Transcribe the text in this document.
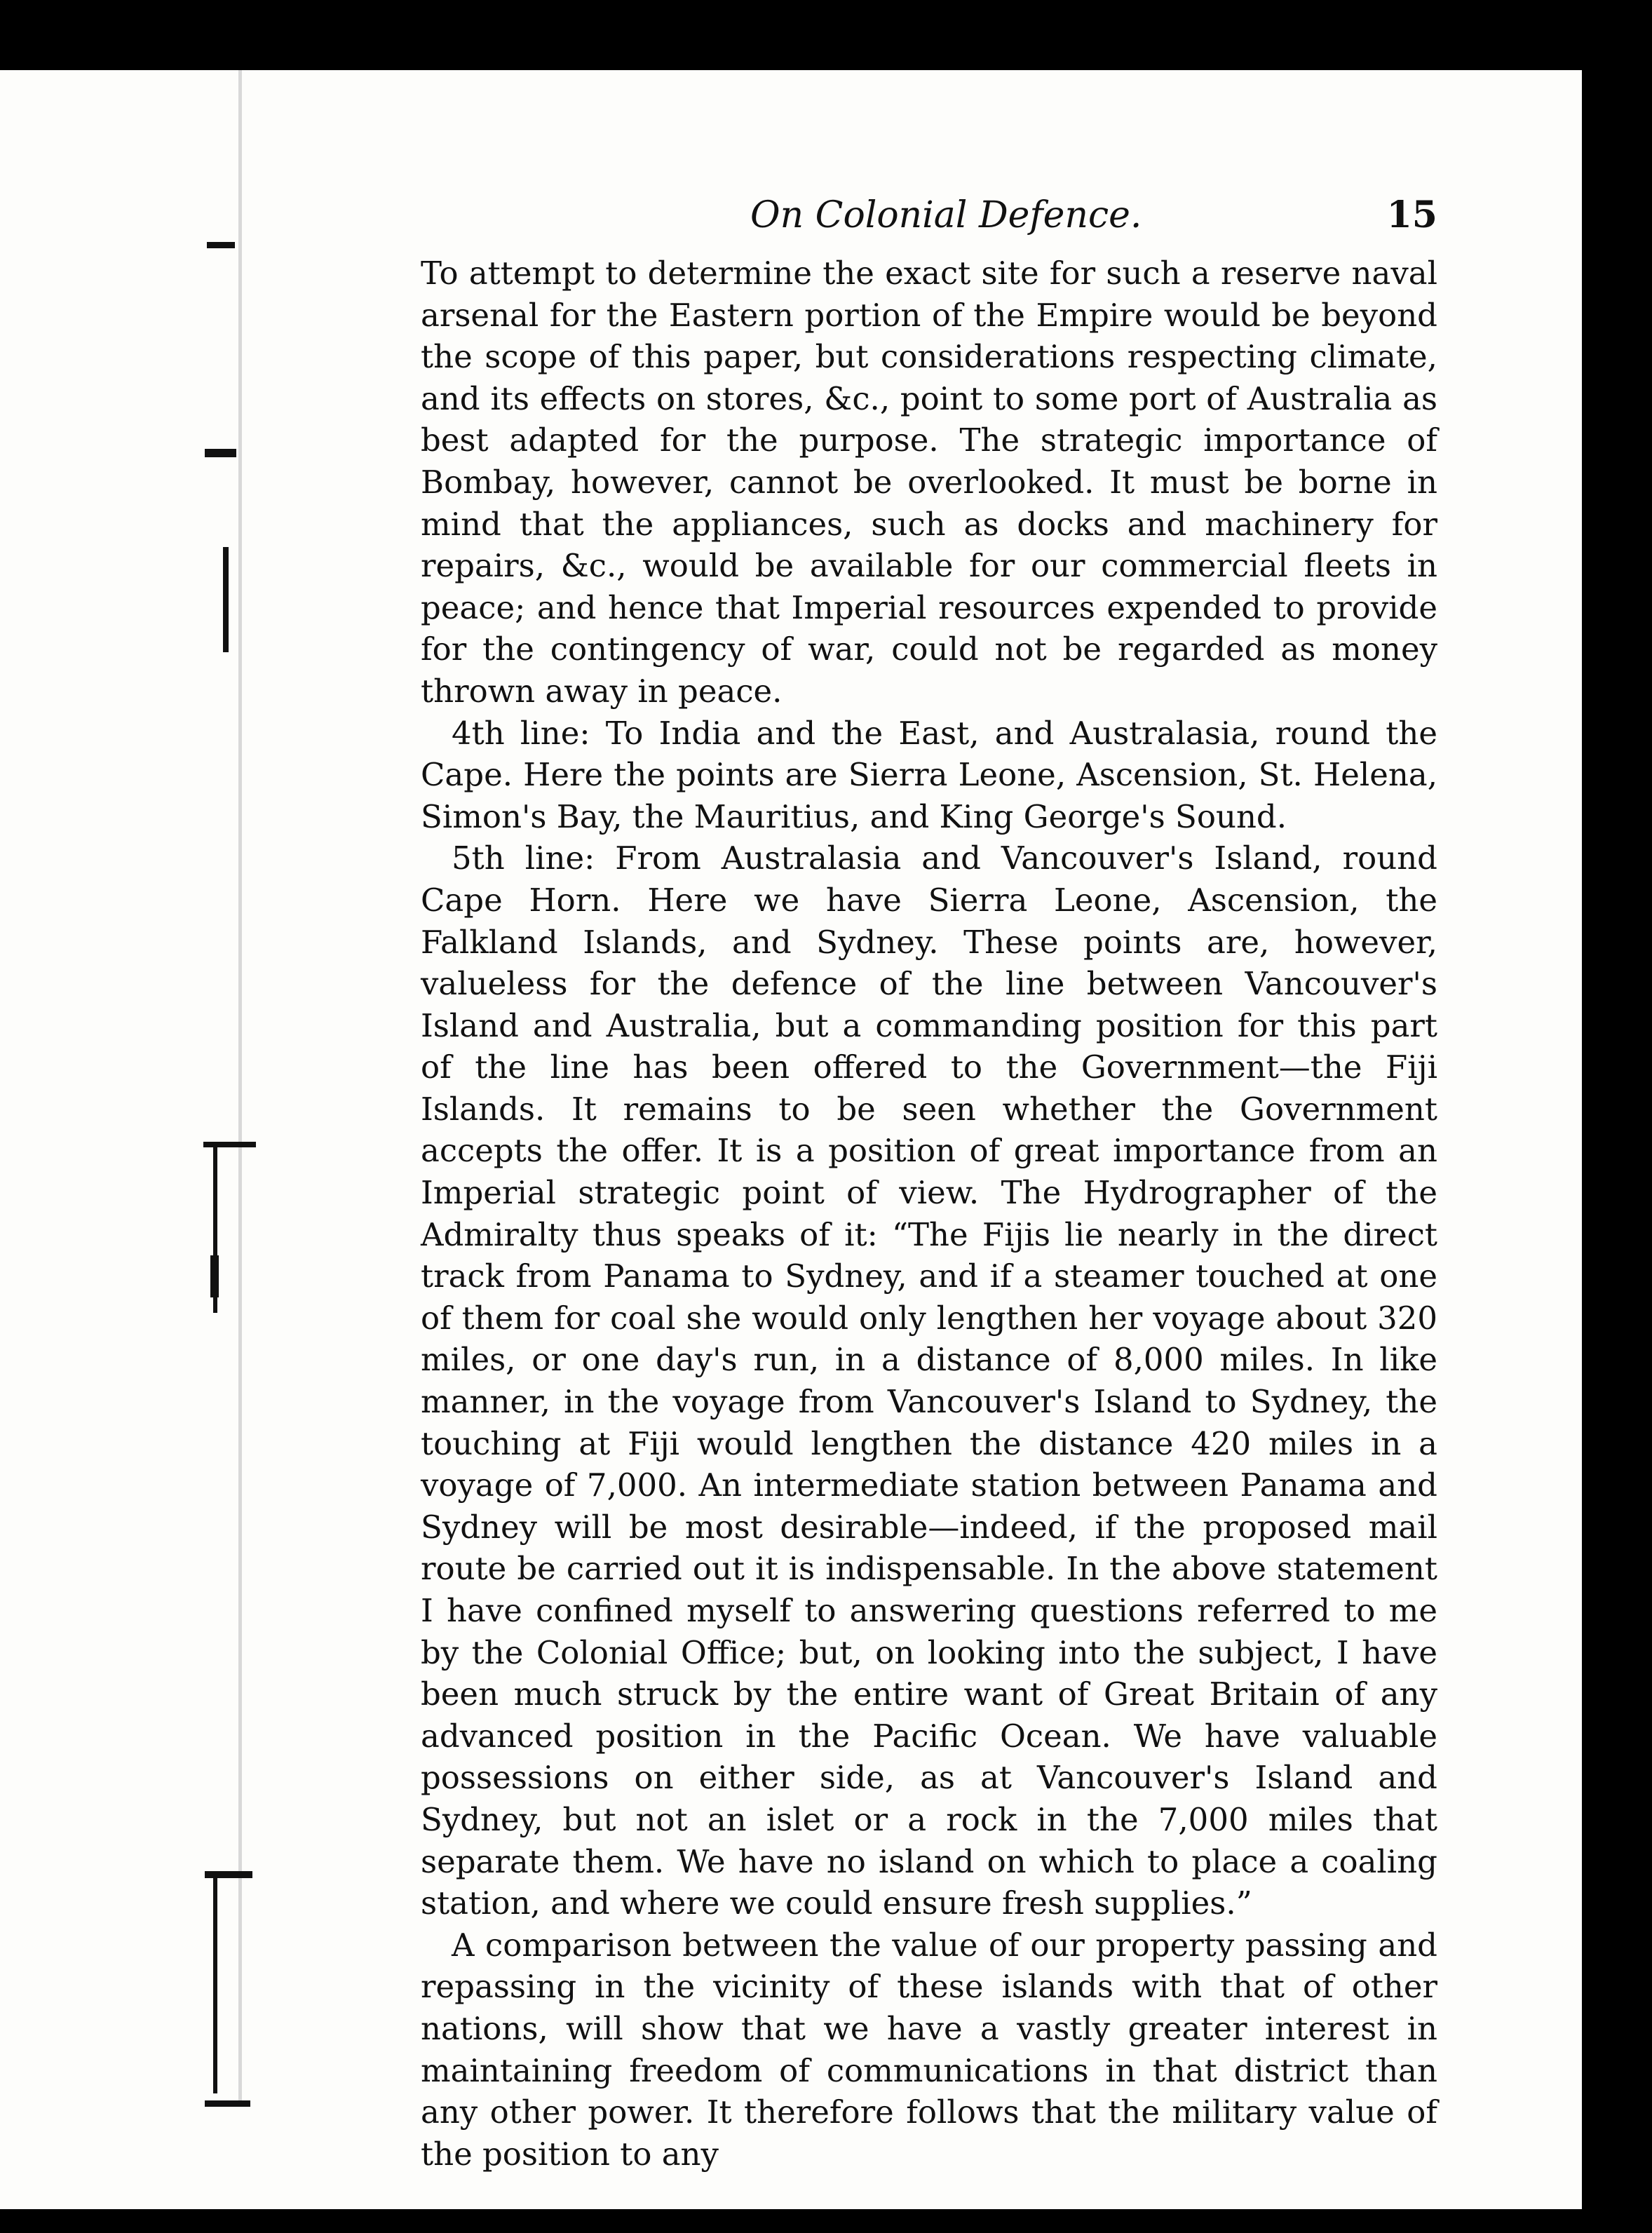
On Colonial Defence.	15

To attempt to determine the exact site for such a reserve naval arsenal for the Eastern portion of the Empire would be beyond the scope of this paper, but considerations respecting climate, and its effects on stores, &c., point to some port of Australia as best adapted for the purpose. The strategic importance of Bombay, however, cannot be overlooked. It must be borne in mind that the appliances, such as docks and machinery for repairs, &c., would be available for our commercial fleets in peace; and hence that Imperial resources expended to provide for the contingency of war, could not be regarded as money thrown away in peace.

4th line: To India and the East, and Australasia, round the Cape. Here the points are Sierra Leone, Ascension, St. Helena, Simon's Bay, the Mauritius, and King George's Sound.

5th line: From Australasia and Vancouver's Island, round Cape Horn. Here we have Sierra Leone, Ascension, the Falkland Islands, and Sydney. These points are, however, valueless for the defence of the line between Vancouver's Island and Australia, but a commanding position for this part of the line has been offered to the Government—the Fiji Islands. It remains to be seen whether the Government accepts the offer. It is a position of great importance from an Imperial strategic point of view. The Hydrographer of the Admiralty thus speaks of it: “The Fijis lie nearly in the direct track from Panama to Sydney, and if a steamer touched at one of them for coal she would only lengthen her voyage about 320 miles, or one day's run, in a distance of 8,000 miles. In like manner, in the voyage from Vancouver's Island to Sydney, the touching at Fiji would lengthen the distance 420 miles in a voyage of 7,000. An intermediate station between Panama and Sydney will be most desirable—indeed, if the proposed mail route be carried out it is indispensable. In the above statement I have confined myself to answering questions referred to me by the Colonial Office; but, on looking into the subject, I have been much struck by the entire want of Great Britain of any advanced position in the Pacific Ocean. We have valuable possessions on either side, as at Vancouver's Island and Sydney, but not an islet or a rock in the 7,000 miles that separate them. We have no island on which to place a coaling station, and where we could ensure fresh supplies.”

A comparison between the value of our property passing and repassing in the vicinity of these islands with that of other nations, will show that we have a vastly greater interest in maintaining freedom of communications in that district than any other power. It therefore follows that the military value of the position to any
